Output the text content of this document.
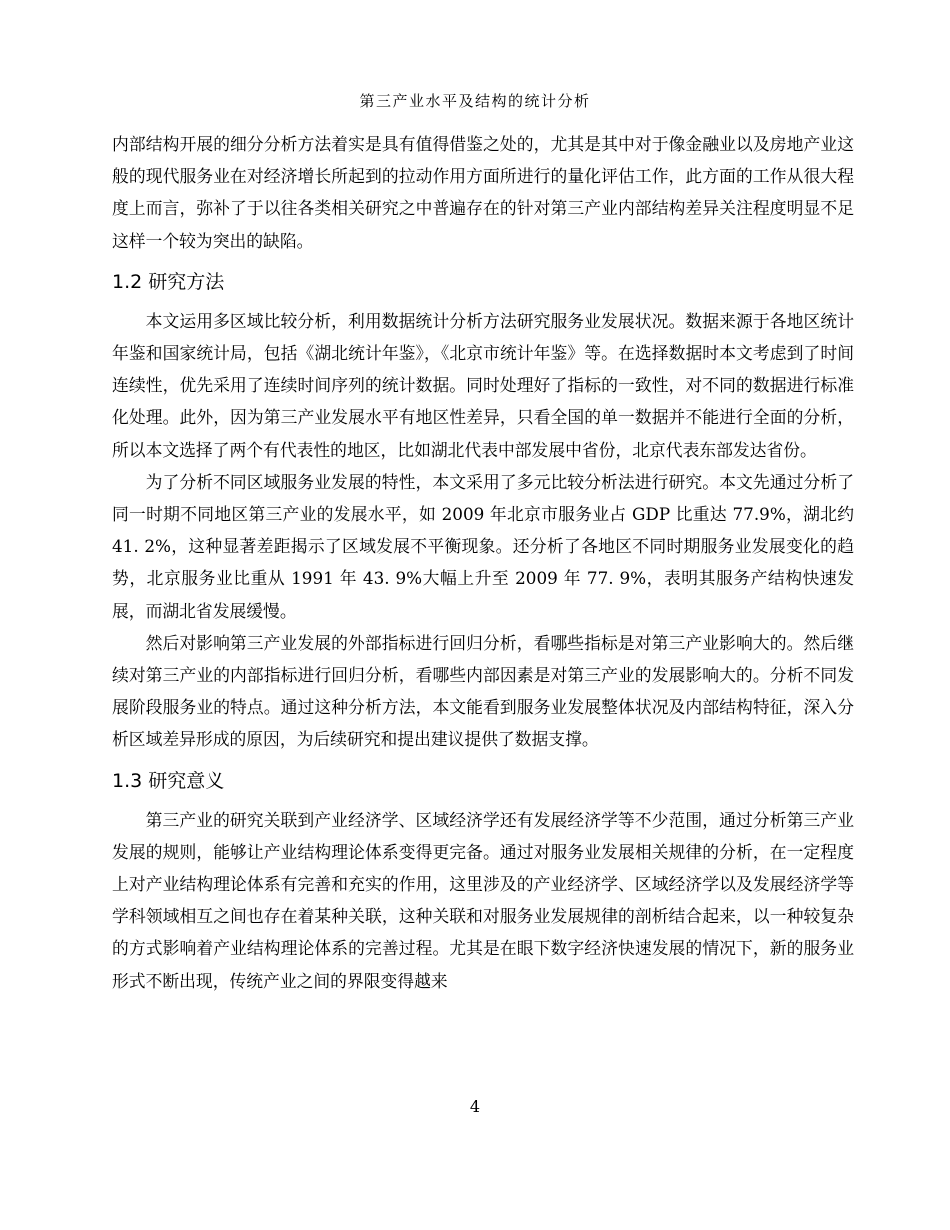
第三产业水平及结构的统计分析

内部结构开展的细分分析方法着实是具有值得借鉴之处的，尤其是其中对于像金融业以及房地产业这般的现代服务业在对经济增长所起到的拉动作用方面所进行的量化评估工作，此方面的工作从很大程度上而言，弥补了于以往各类相关研究之中普遍存在的针对第三产业内部结构差异关注程度明显不足这样一个较为突出的缺陷。

1.2 研究方法

本文运用多区域比较分析，利用数据统计分析方法研究服务业发展状况。数据来源于各地区统计年鉴和国家统计局，包括《湖北统计年鉴》，《北京市统计年鉴》等。在选择数据时本文考虑到了时间连续性，优先采用了连续时间序列的统计数据。同时处理好了指标的一致性，对不同的数据进行标准化处理。此外，因为第三产业发展水平有地区性差异，只看全国的单一数据并不能进行全面的分析，所以本文选择了两个有代表性的地区，比如湖北代表中部发展中省份，北京代表东部发达省份。

为了分析不同区域服务业发展的特性，本文采用了多元比较分析法进行研究。本文先通过分析了同一时期不同地区第三产业的发展水平，如 2009 年北京市服务业占 GDP 比重达 77.9%，湖北约 41. 2%，这种显著差距揭示了区域发展不平衡现象。还分析了各地区不同时期服务业发展变化的趋势，北京服务业比重从 1991 年 43. 9%大幅上升至 2009 年 77. 9%，表明其服务产结构快速发展，而湖北省发展缓慢。

然后对影响第三产业发展的外部指标进行回归分析，看哪些指标是对第三产业影响大的。然后继续对第三产业的内部指标进行回归分析，看哪些内部因素是对第三产业的发展影响大的。分析不同发展阶段服务业的特点。通过这种分析方法，本文能看到服务业发展整体状况及内部结构特征，深入分析区域差异形成的原因，为后续研究和提出建议提供了数据支撑。

1.3 研究意义

第三产业的研究关联到产业经济学、区域经济学还有发展经济学等不少范围，通过分析第三产业发展的规则，能够让产业结构理论体系变得更完备。通过对服务业发展相关规律的分析，在一定程度上对产业结构理论体系有完善和充实的作用，这里涉及的产业经济学、区域经济学以及发展经济学等学科领域相互之间也存在着某种关联，这种关联和对服务业发展规律的剖析结合起来，以一种较复杂的方式影响着产业结构理论体系的完善过程。尤其是在眼下数字经济快速发展的情况下，新的服务业形式不断出现，传统产业之间的界限变得越来

4
